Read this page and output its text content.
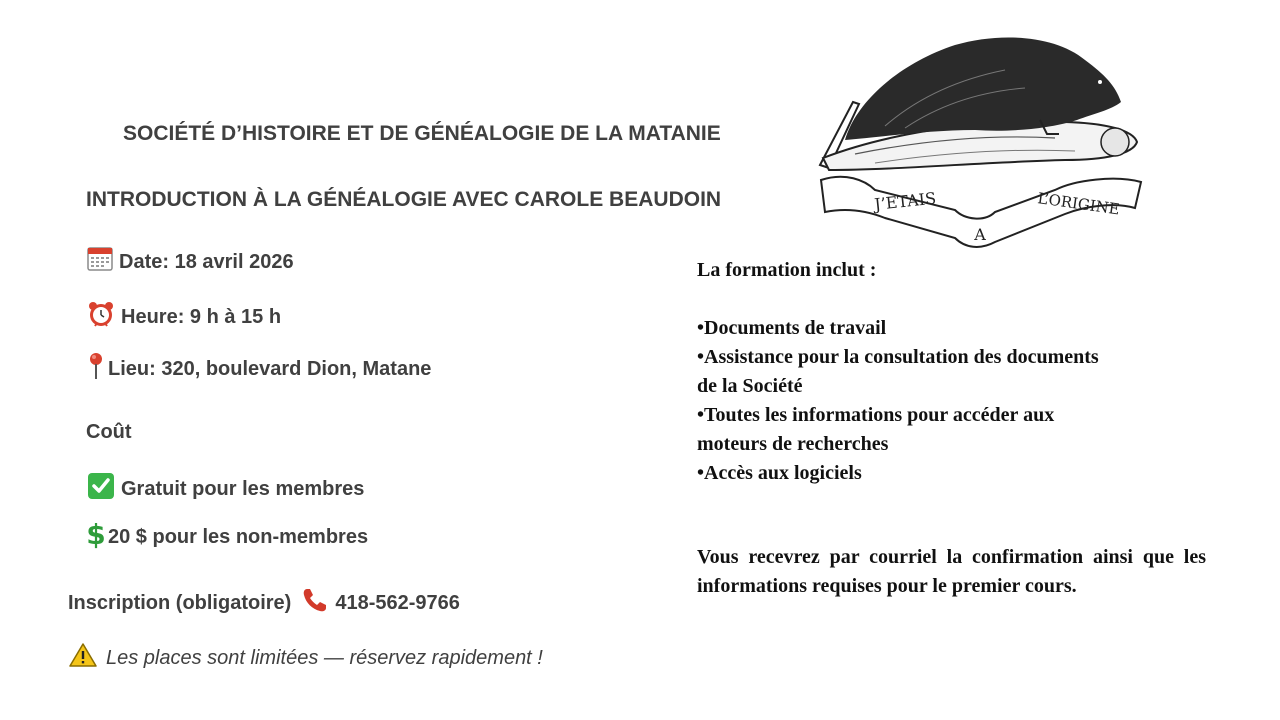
SOCIÉTÉ D’HISTOIRE ET DE GÉNÉALOGIE DE LA MATANIE
INTRODUCTION À LA GÉNÉALOGIE AVEC CAROLE BEAUDOIN
Date : 18 avril 2026
Heure : 9 h à 15 h
Lieu : 320, boulevard Dion, Matane
Coût
Gratuit pour les membres
$ 20 $ pour les non-membres
Inscription (obligatoire) 418-562-9766
Les places sont limitées — réservez rapidement !
J’ETAIS
A
L’ORIGINE
La formation inclut :
•Documents de travail
•Assistance pour la consultation des documents
de la Société
•Toutes les informations pour accéder aux
moteurs de recherches
•Accès aux logiciels
Vous recevrez par courriel la confirmation ainsi que les informations requises pour le premier cours.
